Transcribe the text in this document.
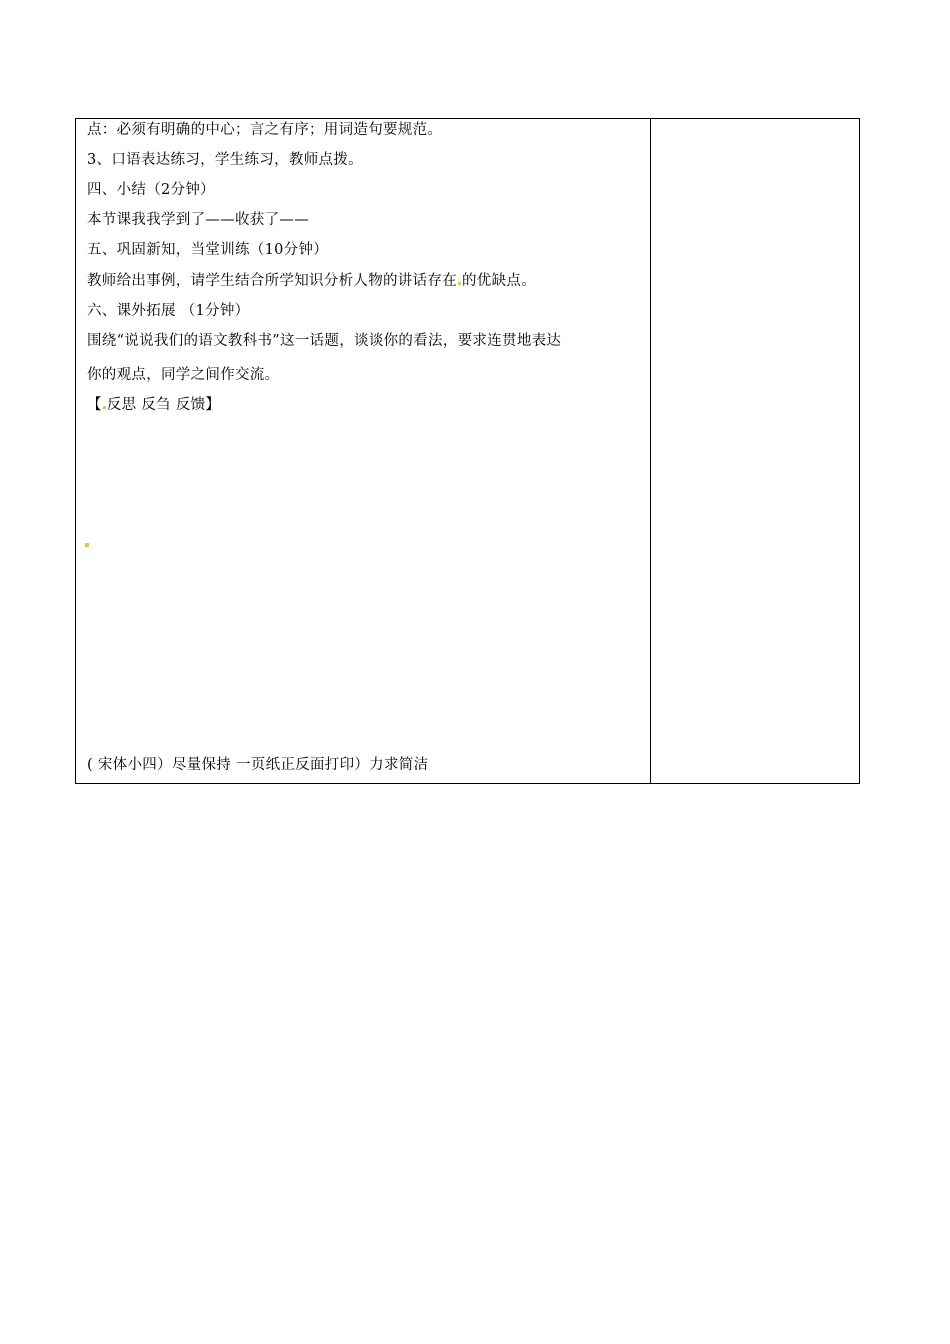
点：必须有明确的中心；言之有序；用词造句要规范。
3、口语表达练习，学生练习，教师点拨。
四、小结（2分钟）
本节课我我学到了——收获了——
五、巩固新知，当堂训练（10分钟）
教师给出事例，请学生结合所学知识分析人物的讲话存在 的优缺点。
六、课外拓展 （1分钟）
围绕“说说我们的语文教科书”这一话题，谈谈你的看法，要求连贯地表达
你的观点，同学之间作交流。
【 反思 反刍 反馈】
( 宋体小四）尽量保持 一页纸正反面打印）力求简洁
